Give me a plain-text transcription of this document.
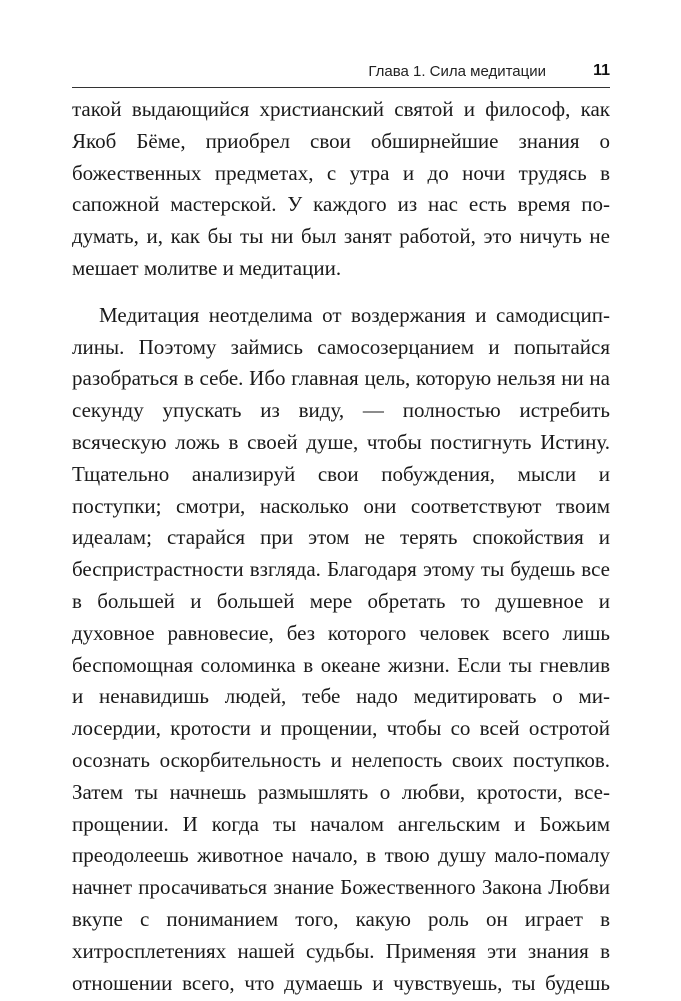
Глава 1. Сила медитации	11

такой выдающийся христианский святой и философ, как Якоб Бёме, приобрел свои обширнейшие знания о божественных предметах, с утра и до ночи трудясь в сапожной мастерской. У каждого из нас есть время подумать, и, как бы ты ни был занят работой, это ничуть не мешает молитве и медитации.

Медитация неотделима от воздержания и самодисциплины. Поэтому займись самосозерцанием и попытайся разобраться в себе. Ибо главная цель, которую нельзя ни на секунду упускать из виду, — полностью истребить всяческую ложь в своей душе, чтобы постигнуть Истину. Тщательно анализируй свои побуждения, мысли и поступки; смотри, насколько они соответствуют твоим идеалам; старайся при этом не терять спокойствия и беспристрастности взгляда. Благодаря этому ты будешь все в большей и большей мере обретать то душевное и духовное равновесие, без которого человек всего лишь беспомощная соломинка в океане жизни. Если ты гневлив и ненавидишь людей, тебе надо медитировать о милосердии, кротости и прощении, чтобы со всей остротой осознать оскорбительность и нелепость своих поступков. Затем ты начнешь размышлять о любви, кротости, всепрощении. И когда ты началом ангельским и Божьим преодолеешь животное начало, в твою душу мало-помалу начнет просачиваться знание Божественного Закона Любви вкупе с пониманием того, какую роль он играет в хитросплетениях нашей судьбы. Применяя эти знания в отношении всего, что думаешь и чувствуешь, ты будешь
